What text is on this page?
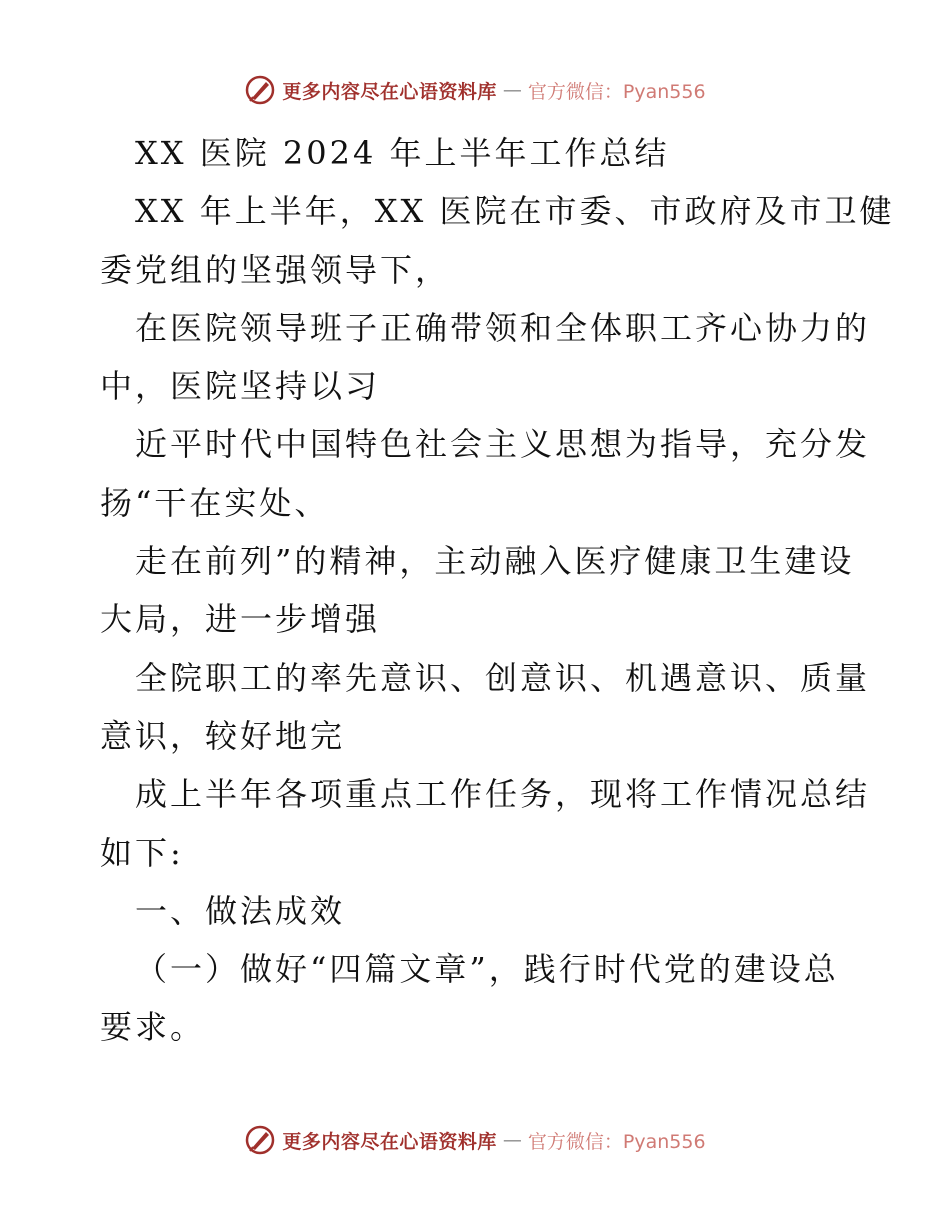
更多内容尽在心语资料库 — 官方微信：Pyan556
XX 医院 2024 年上半年工作总结
XX 年上半年，XX 医院在市委、市政府及市卫健
委党组的坚强领导下，
在医院领导班子正确带领和全体职工齐心协力的
中，医院坚持以习
近平时代中国特色社会主义思想为指导，充分发
扬“干在实处、
走在前列”的精神，主动融入医疗健康卫生建设
大局，进一步增强
全院职工的率先意识、创意识、机遇意识、质量
意识，较好地完
成上半年各项重点工作任务，现将工作情况总结
如下:
一、做法成效
（一）做好“四篇文章”，践行时代党的建设总
要求。
更多内容尽在心语资料库 — 官方微信：Pyan556
